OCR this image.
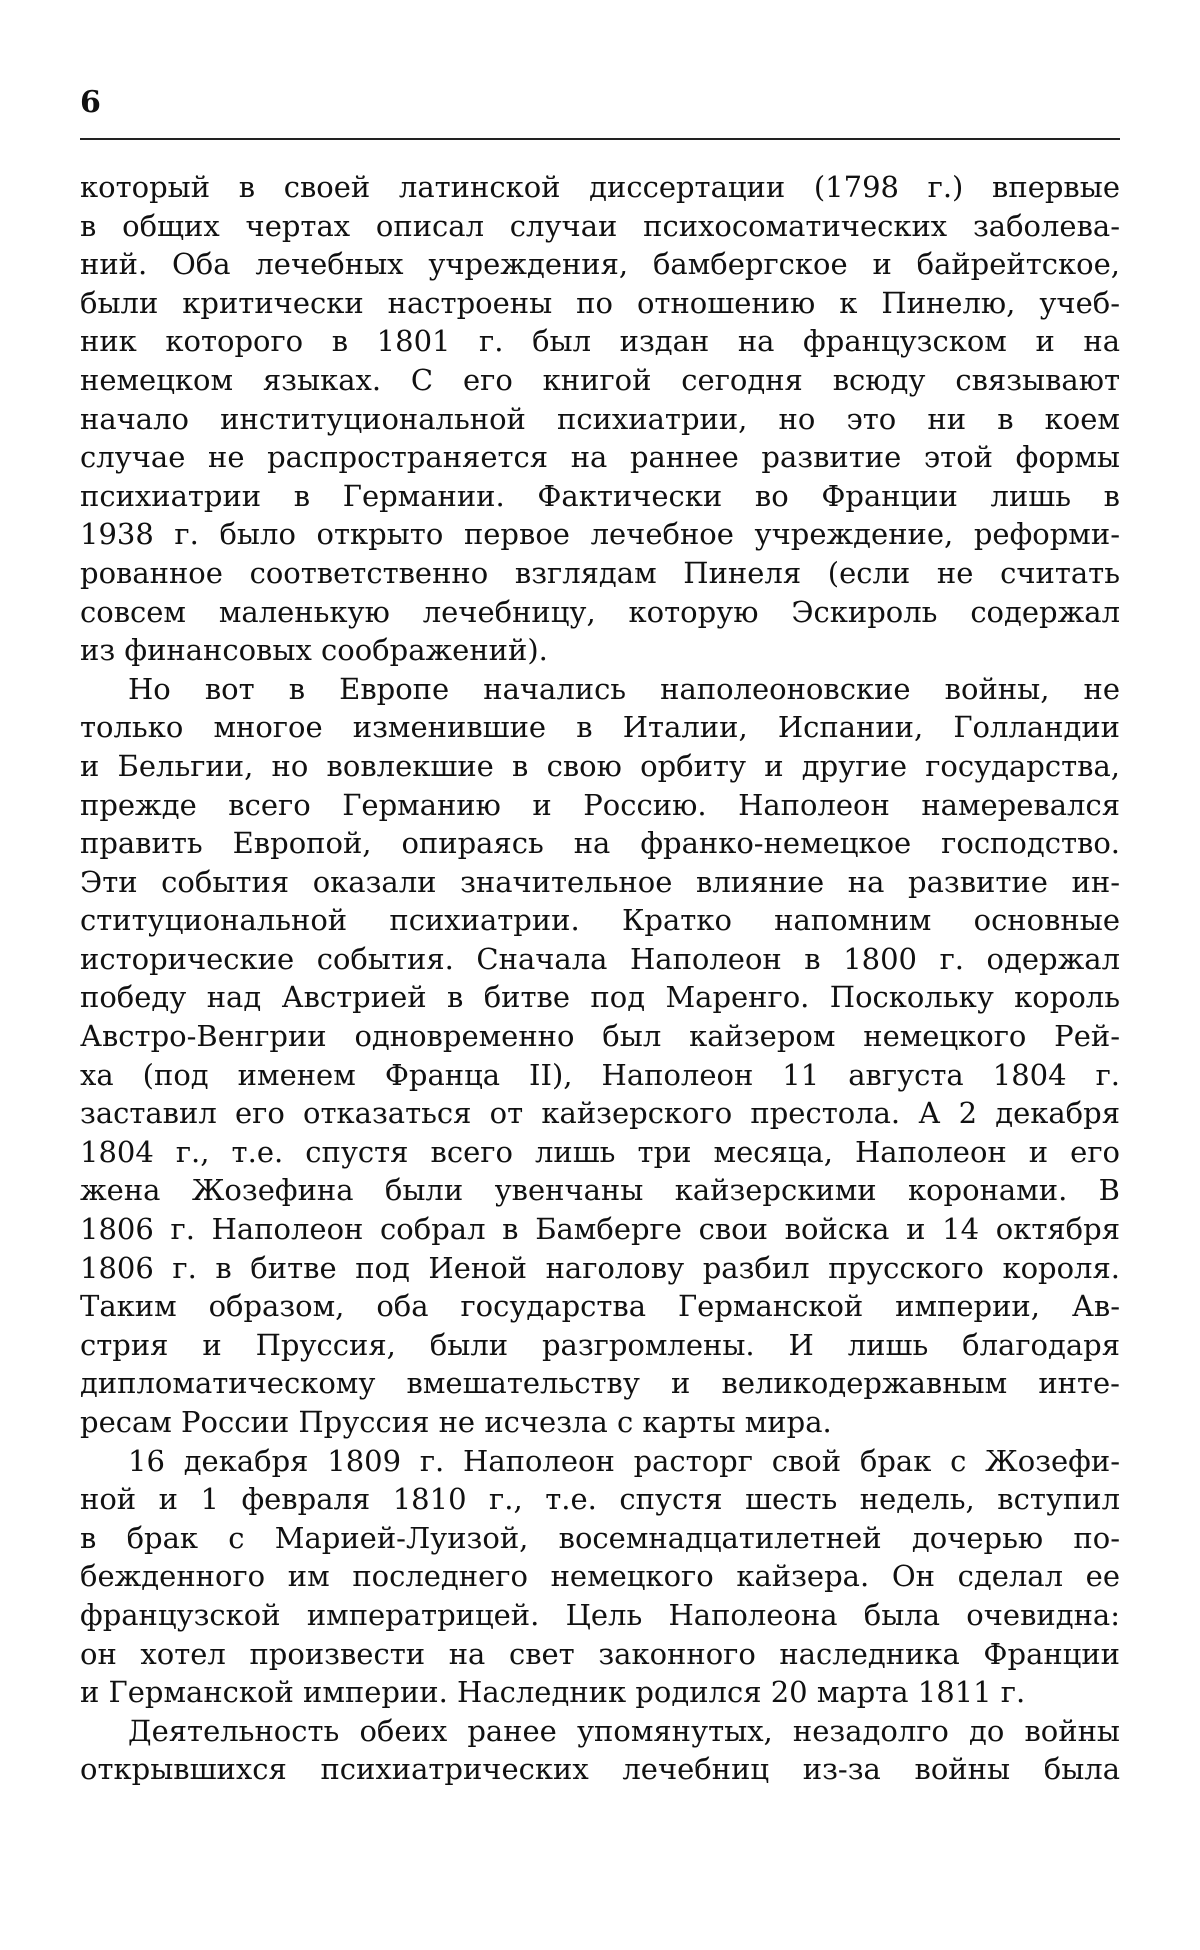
6
который в своей латинской диссертации (1798 г.) впервые
в общих чертах описал случаи психосоматических заболева-
ний. Оба лечебных учреждения, бамбергское и байрейтское,
были критически настроены по отношению к Пинелю, учеб-
ник которого в 1801 г. был издан на французском и на
немецком языках. С его книгой сегодня всюду связывают
начало институциональной психиатрии, но это ни в коем
случае не распространяется на раннее развитие этой формы
психиатрии в Германии. Фактически во Франции лишь в
1938 г. было открыто первое лечебное учреждение, реформи-
рованное соответственно взглядам Пинеля (если не считать
совсем маленькую лечебницу, которую Эскироль содержал
из финансовых соображений).
Но вот в Европе начались наполеоновские войны, не
только многое изменившие в Италии, Испании, Голландии
и Бельгии, но вовлекшие в свою орбиту и другие государства,
прежде всего Германию и Россию. Наполеон намеревался
править Европой, опираясь на франко-немецкое господство.
Эти события оказали значительное влияние на развитие ин-
ституциональной психиатрии. Кратко напомним основные
исторические события. Сначала Наполеон в 1800 г. одержал
победу над Австрией в битве под Маренго. Поскольку король
Австро-Венгрии одновременно был кайзером немецкого Рей-
ха (под именем Франца II), Наполеон 11 августа 1804 г.
заставил его отказаться от кайзерского престола. А 2 декабря
1804 г., т.е. спустя всего лишь три месяца, Наполеон и его
жена Жозефина были увенчаны кайзерскими коронами. В
1806 г. Наполеон собрал в Бамберге свои войска и 14 октября
1806 г. в битве под Иеной наголову разбил прусского короля.
Таким образом, оба государства Германской империи, Ав-
стрия и Пруссия, были разгромлены. И лишь благодаря
дипломатическому вмешательству и великодержавным инте-
ресам России Пруссия не исчезла с карты мира.
16 декабря 1809 г. Наполеон расторг свой брак с Жозефи-
ной и 1 февраля 1810 г., т.е. спустя шесть недель, вступил
в брак с Марией-Луизой, восемнадцатилетней дочерью по-
бежденного им последнего немецкого кайзера. Он сделал ее
французской императрицей. Цель Наполеона была очевидна:
он хотел произвести на свет законного наследника Франции
и Германской империи. Наследник родился 20 марта 1811 г.
Деятельность обеих ранее упомянутых, незадолго до войны
открывшихся психиатрических лечебниц из-за войны была
